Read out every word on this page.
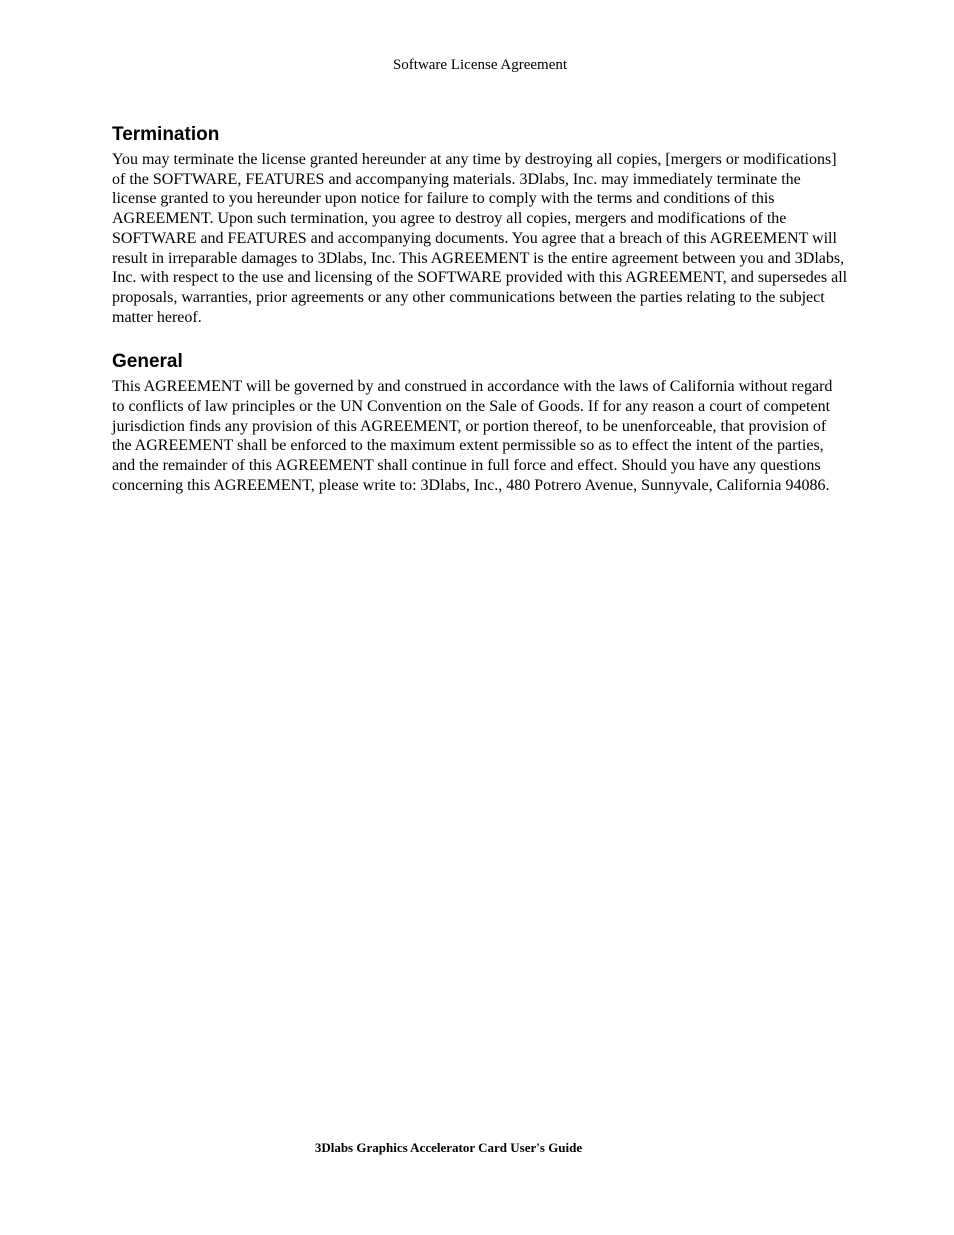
Software License Agreement
Termination

You may terminate the license granted hereunder at any time by destroying all copies, [mergers or modifications] of the SOFTWARE, FEATURES and accompanying materials. 3Dlabs, Inc. may immediately terminate the license granted to you hereunder upon notice for failure to comply with the terms and conditions of this AGREEMENT. Upon such termination, you agree to destroy all copies, mergers and modifications of the SOFTWARE and FEATURES and accompanying documents. You agree that a breach of this AGREEMENT will result in irreparable damages to 3Dlabs, Inc. This AGREEMENT is the entire agreement between you and 3Dlabs, Inc. with respect to the use and licensing of the SOFTWARE provided with this AGREEMENT, and supersedes all proposals, warranties, prior agreements or any other communications between the parties relating to the subject matter hereof.

General

This AGREEMENT will be governed by and construed in accordance with the laws of California without regard to conflicts of law principles or the UN Convention on the Sale of Goods. If for any reason a court of competent jurisdiction finds any provision of this AGREEMENT, or portion thereof, to be unenforceable, that provision of the AGREEMENT shall be enforced to the maximum extent permissible so as to effect the intent of the parties, and the remainder of this AGREEMENT shall continue in full force and effect. Should you have any questions concerning this AGREEMENT, please write to: 3Dlabs, Inc., 480 Potrero Avenue, Sunnyvale, California 94086.

3Dlabs Graphics Accelerator Card User's Guide
